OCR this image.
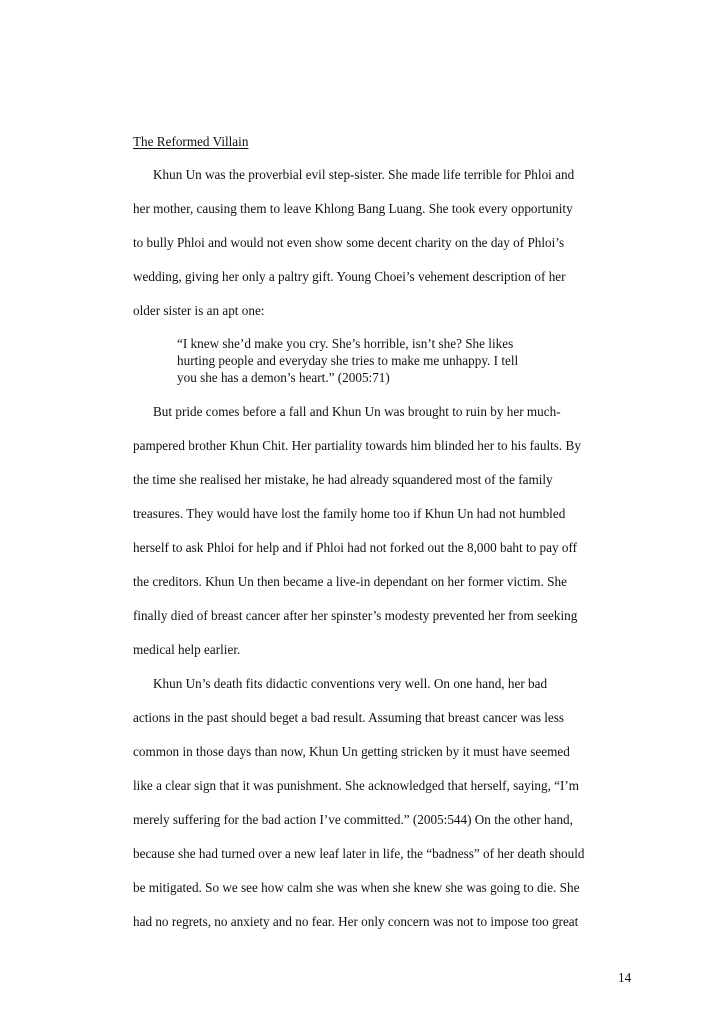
The Reformed Villain
Khun Un was the proverbial evil step-sister. She made life terrible for Phloi and
her mother, causing them to leave Khlong Bang Luang. She took every opportunity
to bully Phloi and would not even show some decent charity on the day of Phloi’s
wedding, giving her only a paltry gift. Young Choei’s vehement description of her
older sister is an apt one:
“I knew she’d make you cry. She’s horrible, isn’t she? She likes
hurting people and everyday she tries to make me unhappy. I tell
you she has a demon’s heart.” (2005:71)
But pride comes before a fall and Khun Un was brought to ruin by her much-
pampered brother Khun Chit. Her partiality towards him blinded her to his faults. By
the time she realised her mistake, he had already squandered most of the family
treasures. They would have lost the family home too if Khun Un had not humbled
herself to ask Phloi for help and if Phloi had not forked out the 8,000 baht to pay off
the creditors. Khun Un then became a live-in dependant on her former victim. She
finally died of breast cancer after her spinster’s modesty prevented her from seeking
medical help earlier.
Khun Un’s death fits didactic conventions very well. On one hand, her bad
actions in the past should beget a bad result. Assuming that breast cancer was less
common in those days than now, Khun Un getting stricken by it must have seemed
like a clear sign that it was punishment. She acknowledged that herself, saying, “I’m
merely suffering for the bad action I’ve committed.” (2005:544) On the other hand,
because she had turned over a new leaf later in life, the “badness” of her death should
be mitigated. So we see how calm she was when she knew she was going to die. She
had no regrets, no anxiety and no fear. Her only concern was not to impose too great
14
